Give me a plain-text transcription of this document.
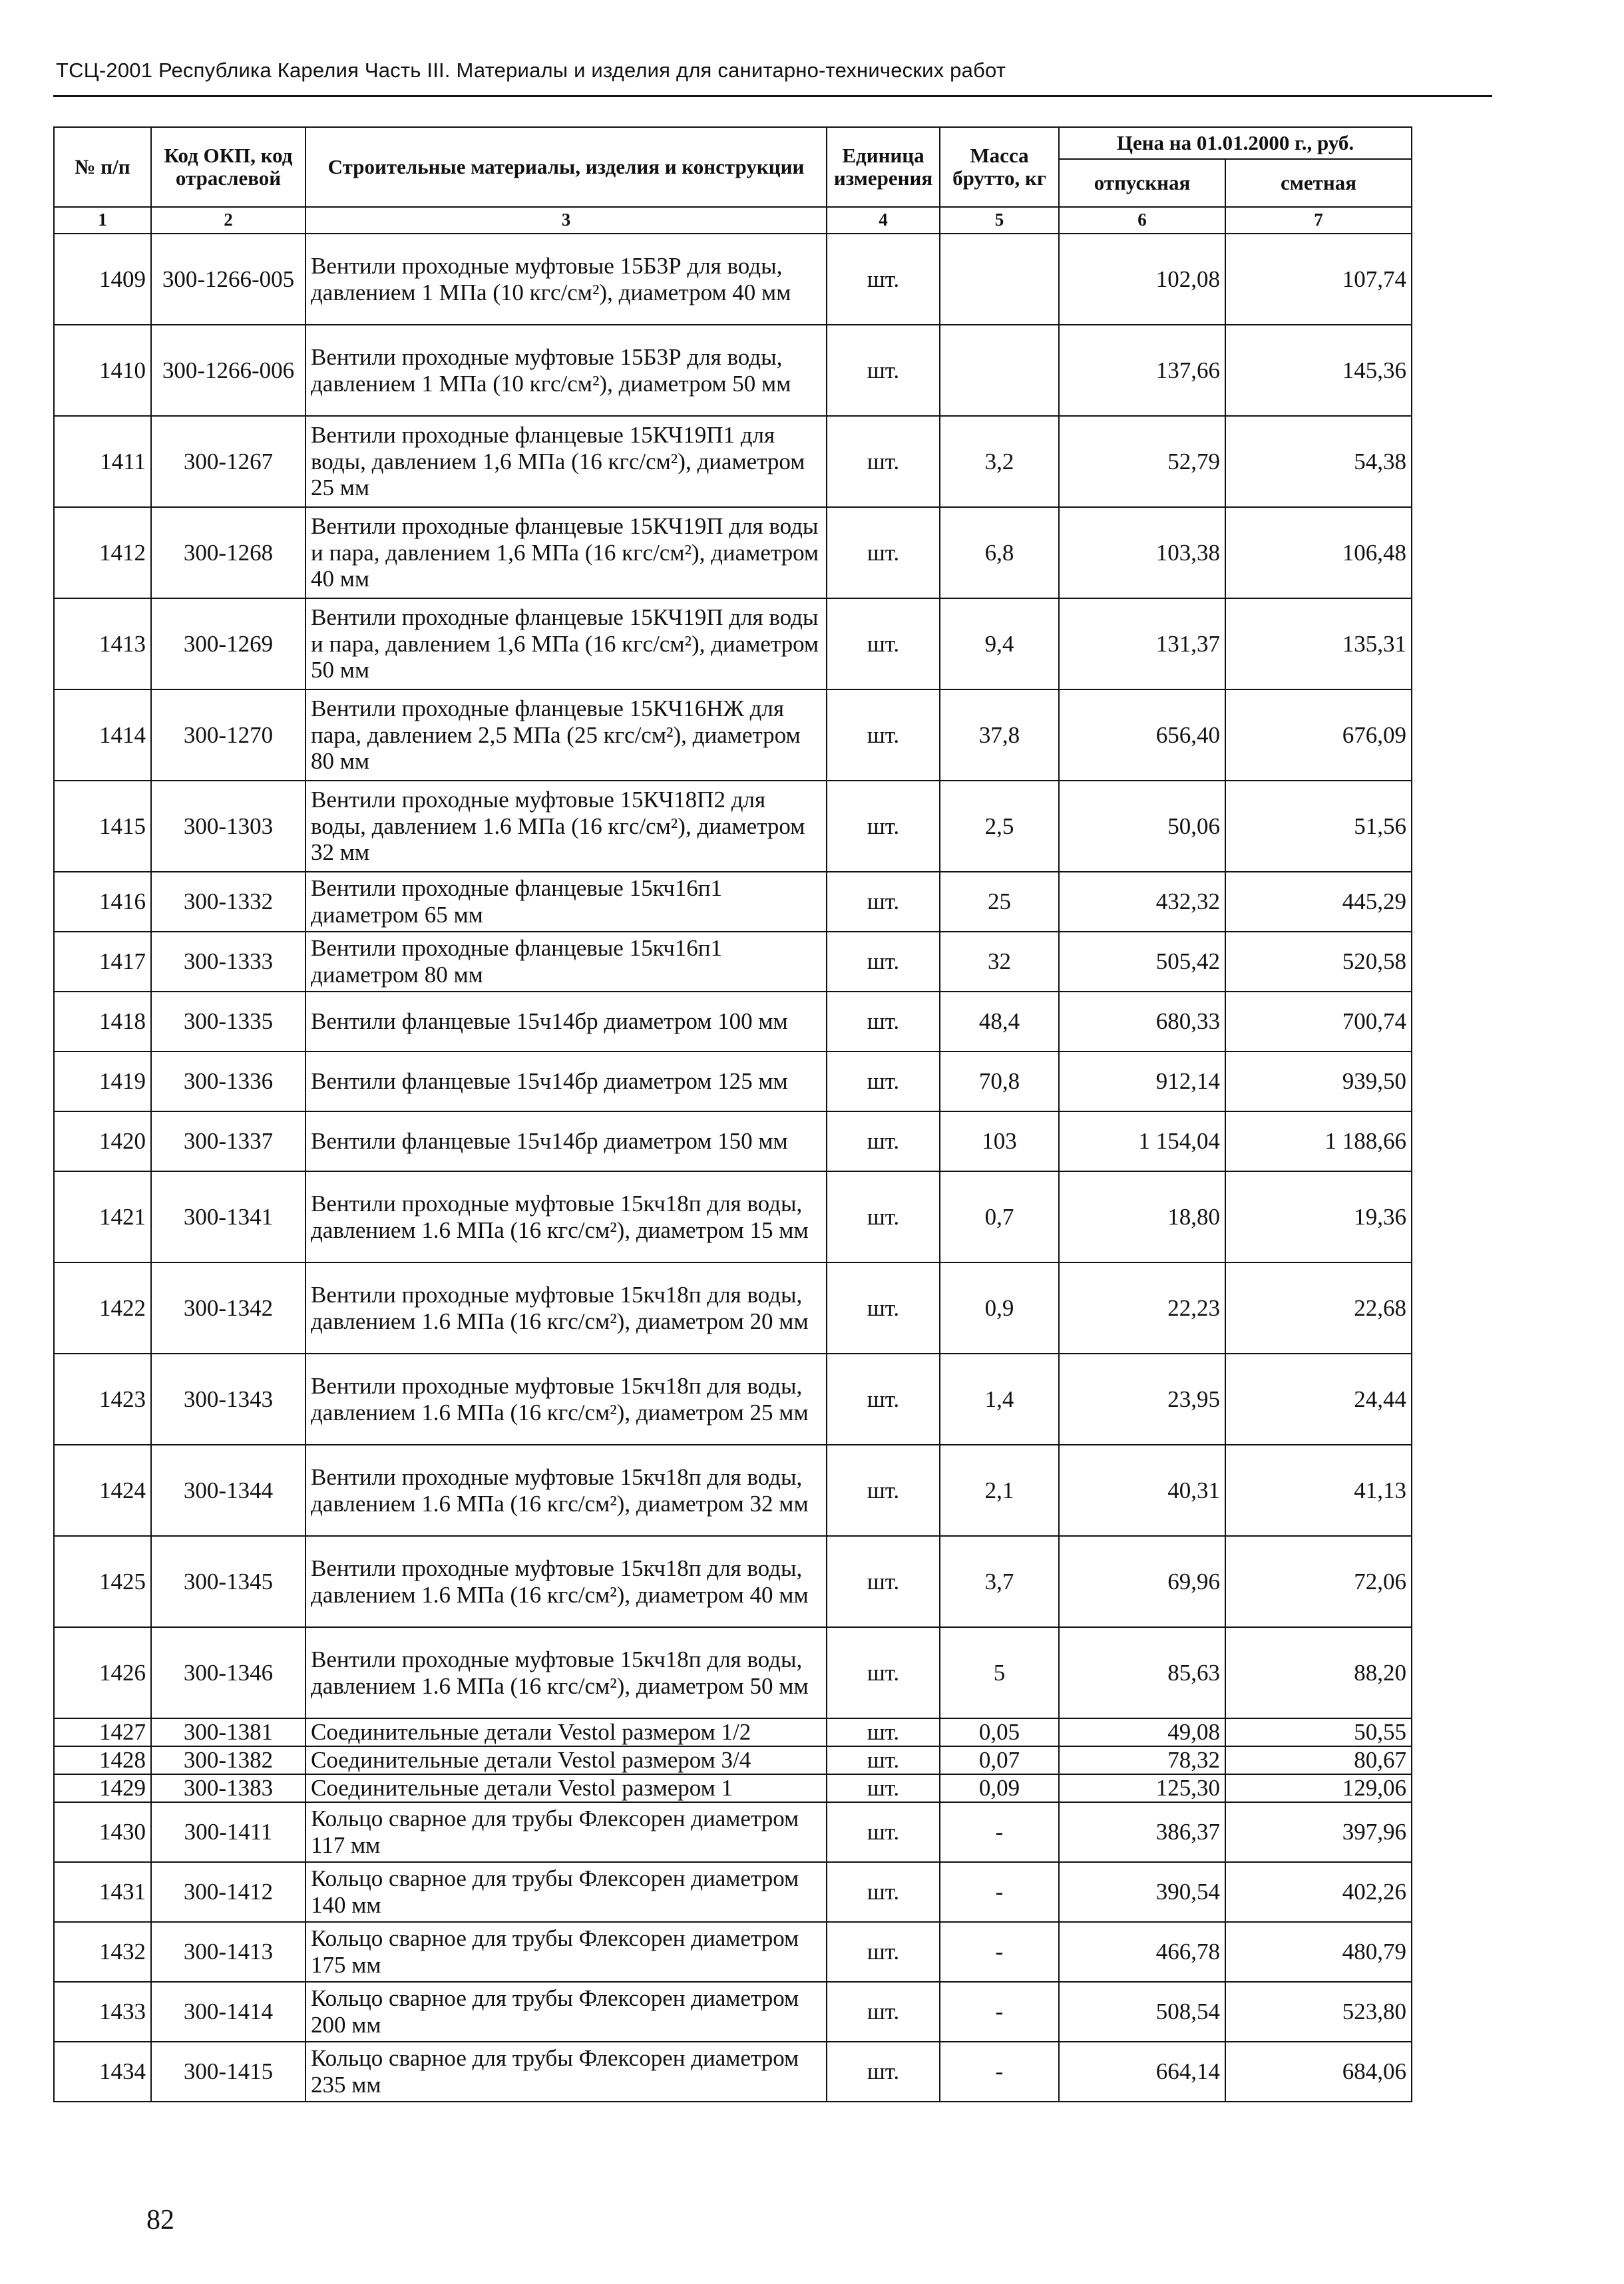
ТСЦ-2001 Республика Карелия Часть III. Материалы и изделия для санитарно-технических работ
№ п/п	Код ОКП, код отраслевой	Строительные материалы, изделия и конструкции	Единица измерения	Масса брутто, кг	Цена на 01.01.2000 г., руб.	
					отпускная	сметная
1	2	3	4	5	6	7
1409	300-1266-005	Вентили проходные муфтовые 15Б3Р для воды, давлением 1 МПа (10 кгс/см²), диаметром 40 мм	шт.		102,08	107,74
1410	300-1266-006	Вентили проходные муфтовые 15Б3Р для воды, давлением 1 МПа (10 кгс/см²), диаметром 50 мм	шт.		137,66	145,36
1411	300-1267	Вентили проходные фланцевые 15КЧ19П1 для воды, давлением 1,6 МПа (16 кгс/см²), диаметром 25 мм	шт.	3,2	52,79	54,38
1412	300-1268	Вентили проходные фланцевые 15КЧ19П для воды и пара, давлением 1,6 МПа (16 кгс/см²), диаметром 40 мм	шт.	6,8	103,38	106,48
1413	300-1269	Вентили проходные фланцевые 15КЧ19П для воды и пара, давлением 1,6 МПа (16 кгс/см²), диаметром 50 мм	шт.	9,4	131,37	135,31
1414	300-1270	Вентили проходные фланцевые 15КЧ16НЖ для пара, давлением 2,5 МПа (25 кгс/см²), диаметром 80 мм	шт.	37,8	656,40	676,09
1415	300-1303	Вентили проходные муфтовые 15КЧ18П2 для воды, давлением 1.6 МПа (16 кгс/см²), диаметром 32 мм	шт.	2,5	50,06	51,56
1416	300-1332	Вентили проходные фланцевые 15кч16п1 диаметром 65 мм	шт.	25	432,32	445,29
1417	300-1333	Вентили проходные фланцевые 15кч16п1 диаметром 80 мм	шт.	32	505,42	520,58
1418	300-1335	Вентили фланцевые 15ч14бр диаметром 100 мм	шт.	48,4	680,33	700,74
1419	300-1336	Вентили фланцевые 15ч14бр диаметром 125 мм	шт.	70,8	912,14	939,50
1420	300-1337	Вентили фланцевые 15ч14бр диаметром 150 мм	шт.	103	1 154,04	1 188,66
1421	300-1341	Вентили проходные муфтовые 15кч18п для воды, давлением 1.6 МПа (16 кгс/см²), диаметром 15 мм	шт.	0,7	18,80	19,36
1422	300-1342	Вентили проходные муфтовые 15кч18п для воды, давлением 1.6 МПа (16 кгс/см²), диаметром 20 мм	шт.	0,9	22,23	22,68
1423	300-1343	Вентили проходные муфтовые 15кч18п для воды, давлением 1.6 МПа (16 кгс/см²), диаметром 25 мм	шт.	1,4	23,95	24,44
1424	300-1344	Вентили проходные муфтовые 15кч18п для воды, давлением 1.6 МПа (16 кгс/см²), диаметром 32 мм	шт.	2,1	40,31	41,13
1425	300-1345	Вентили проходные муфтовые 15кч18п для воды, давлением 1.6 МПа (16 кгс/см²), диаметром 40 мм	шт.	3,7	69,96	72,06
1426	300-1346	Вентили проходные муфтовые 15кч18п для воды, давлением 1.6 МПа (16 кгс/см²), диаметром 50 мм	шт.	5	85,63	88,20
1427	300-1381	Соединительные детали Vestol размером 1/2	шт.	0,05	49,08	50,55
1428	300-1382	Соединительные детали Vestol размером 3/4	шт.	0,07	78,32	80,67
1429	300-1383	Соединительные детали Vestol размером 1	шт.	0,09	125,30	129,06
1430	300-1411	Кольцо сварное для трубы Флексорен диаметром 117 мм	шт.	-	386,37	397,96
1431	300-1412	Кольцо сварное для трубы Флексорен диаметром 140 мм	шт.	-	390,54	402,26
1432	300-1413	Кольцо сварное для трубы Флексорен диаметром 175 мм	шт.	-	466,78	480,79
1433	300-1414	Кольцо сварное для трубы Флексорен диаметром 200 мм	шт.	-	508,54	523,80
1434	300-1415	Кольцо сварное для трубы Флексорен диаметром 235 мм	шт.	-	664,14	684,06
82
